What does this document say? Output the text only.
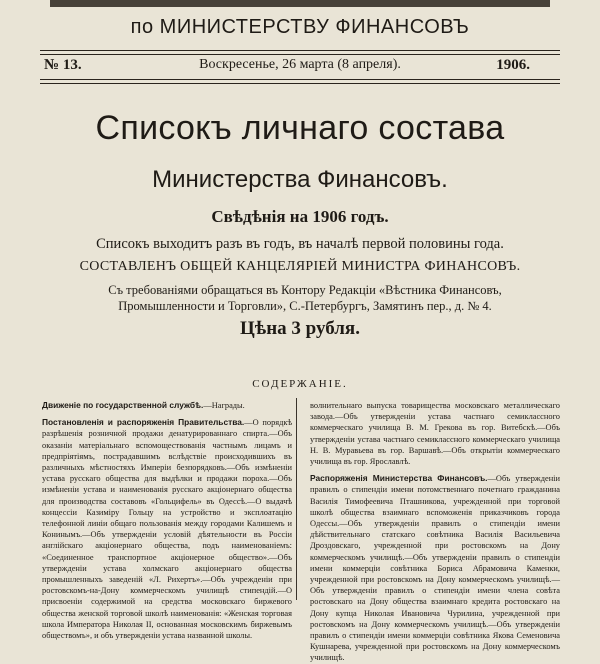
по МИНИСТЕРСТВУ ФИНАНСОВЪ
№ 13.	Воскресенье, 26 марта (8 апреля).	1906.
Списокъ личнаго состава
Министерства Финансовъ.
Свѣдѣнія на 1906 годъ.
Списокъ выходитъ разъ въ годъ, въ началѣ первой половины года.
СОСТАВЛЕНЪ ОБЩЕЙ КАНЦЕЛЯРІЕЙ МИНИСТРА ФИНАНСОВЪ.
Съ требованіями обращаться въ Контору Редакціи «Вѣстника Финансовъ, Промышленности и Торговли», С.-Петербургъ, Замятинъ пер., д. № 4.
Цѣна 3 рубля.
СОДЕРЖАНІЕ.

Движеніе по государственной службѣ.—Награды.

Постановленія и распоряженія Правительства.—О порядкѣ разрѣшенія розничной продажи денатурированнаго спирта.—Объ оказаніи матеріальнаго вспомоществованія частнымъ лицамъ и предпріятіямъ, пострадавшимъ вслѣдствіе происходившихъ въ различныхъ мѣстностяхъ Имперіи безпорядковъ.—Объ измѣненіи устава русскаго общества для выдѣлки и продажи пороха.—Объ измѣненіи устава и наименованія русскаго акціонернаго общества для производства составовъ «Гольцифель» въ Одессѣ.—О выдачѣ концессіи Казиміру Гольцу на устройство и эксплоатацію телефонной линіи общаго пользованія между городами Калишемъ и Конинымъ.—Объ утвержденіи условій дѣятельности въ Россіи англійскаго акціонернаго общества, подъ наименованіемъ: «Соединенное транспортное акціонерное общество».—Объ утвержденіи устава холмскаго акціонернаго общества промышленныхъ заведеній «Л. Рихертъ».—Объ учрежденіи при ростовскомъ-на-Дону коммерческомъ училищѣ стипендій.—О присвоеніи содержимой на средства московскаго биржевого общества женской торговой школѣ наименованія: «Женская торговая школа Императора Николая II, основанная московскимъ биржевымъ обществомъ», и объ утвержденіи устава названной школы.

волнительнаго выпуска товарищества московскаго металлическаго завода.—Объ утвержденіи устава частнаго семиклассного коммерческаго училища В. М. Грекова въ гор. Витебскѣ.—Объ утвержденіи устава частнаго семиклассного коммерческаго училища Н. В. Муравьева въ гор. Варшавѣ.—Объ открытіи коммерческаго училища въ гор. Ярославлѣ.

Распоряженія Министерства Финансовъ.—Объ утвержденіи правилъ о стипендіи имени потомственнаго почетнаго гражданина Василія Тимофеевича Пташникова, учрежденной при торговой школѣ общества взаимнаго вспоможенія приказчиковъ города Одессы.—Объ утвержденіи правилъ о стипендіи имени дѣйствительнаго статскаго совѣтника Василія Васильевича Дроздовскаго, учрежденной при ростовскомъ на Дону коммерческомъ училищѣ.—Объ утвержденіи правилъ о стипендіи имени коммерціи совѣтника Бориса Абрамовича Каменки, учрежденной при ростовскомъ на Дону коммерческомъ училищѣ.—Объ утвержденіи правилъ о стипендіи имени члена совѣта ростовскаго на Дону общества взаимнаго кредита ростовскаго на Дону купца Николая Ивановича Чурилина, учрежденной при ростовскомъ на Дону коммерческомъ училищѣ.—Объ утвержденіи правилъ о стипендіи имени коммерціи совѣтника Якова Семеновича Кушнарева, учрежденной при ростовскомъ на Дону коммерческомъ училищѣ.
